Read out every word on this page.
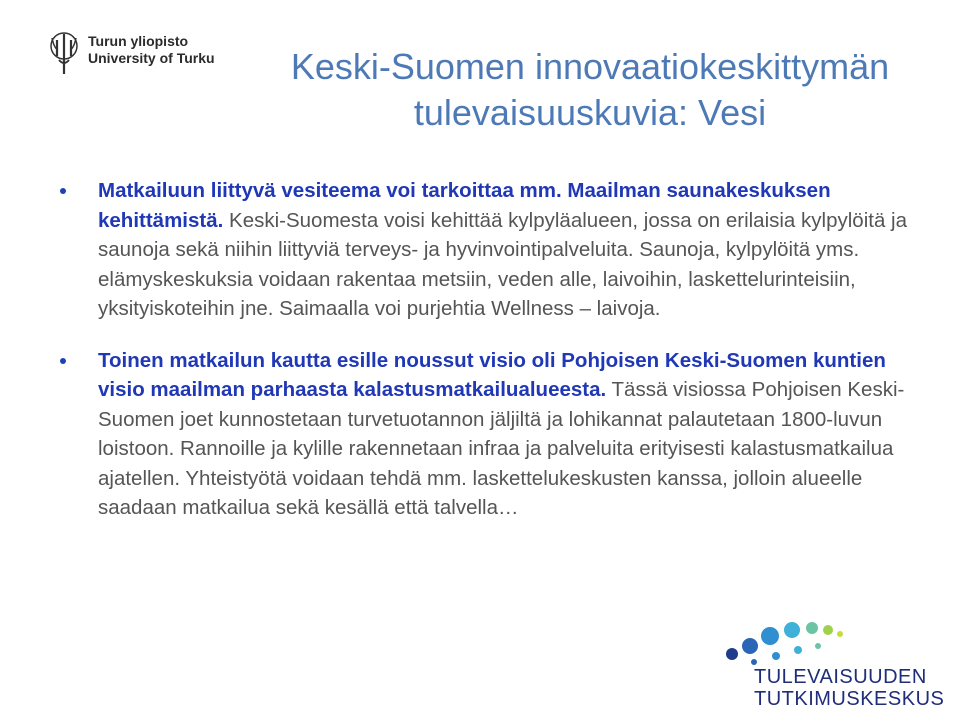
Turun yliopisto
University of Turku	Keski-Suomen innovaatiokeskittymän
tulevaisuuskuvia: Vesi
Matkailuun liittyvä vesiteema voi tarkoittaa mm. Maailman saunakeskuksen kehittämistä. Keski-Suomesta voisi kehittää kylpyläalueen, jossa on erilaisia kylpylöitä ja saunoja sekä niihin liittyviä terveys- ja hyvinvointipalveluita. Saunoja, kylpylöitä yms. elämyskeskuksia voidaan rakentaa metsiin, veden alle, laivoihin, laskettelurinteisiin, yksityiskoteihin jne. Saimaalla voi purjehtia Wellness – laivoja.
Toinen matkailun kautta esille noussut visio oli Pohjoisen Keski-Suomen kuntien visio maailman parhaasta kalastusmatkailualueesta. Tässä visiossa Pohjoisen Keski-Suomen joet kunnostetaan turvetuotannon jäljiltä ja lohikannat palautetaan 1800-luvun loistoon. Rannoille ja kylille rakennetaan infraa ja palveluita erityisesti kalastusmatkailua ajatellen. Yhteistyötä voidaan tehdä mm. laskettelukeskusten kanssa, jolloin alueelle saadaan matkailua sekä kesällä että talvella…
TULEVAISUUDEN
TUTKIMUSKESKUS
